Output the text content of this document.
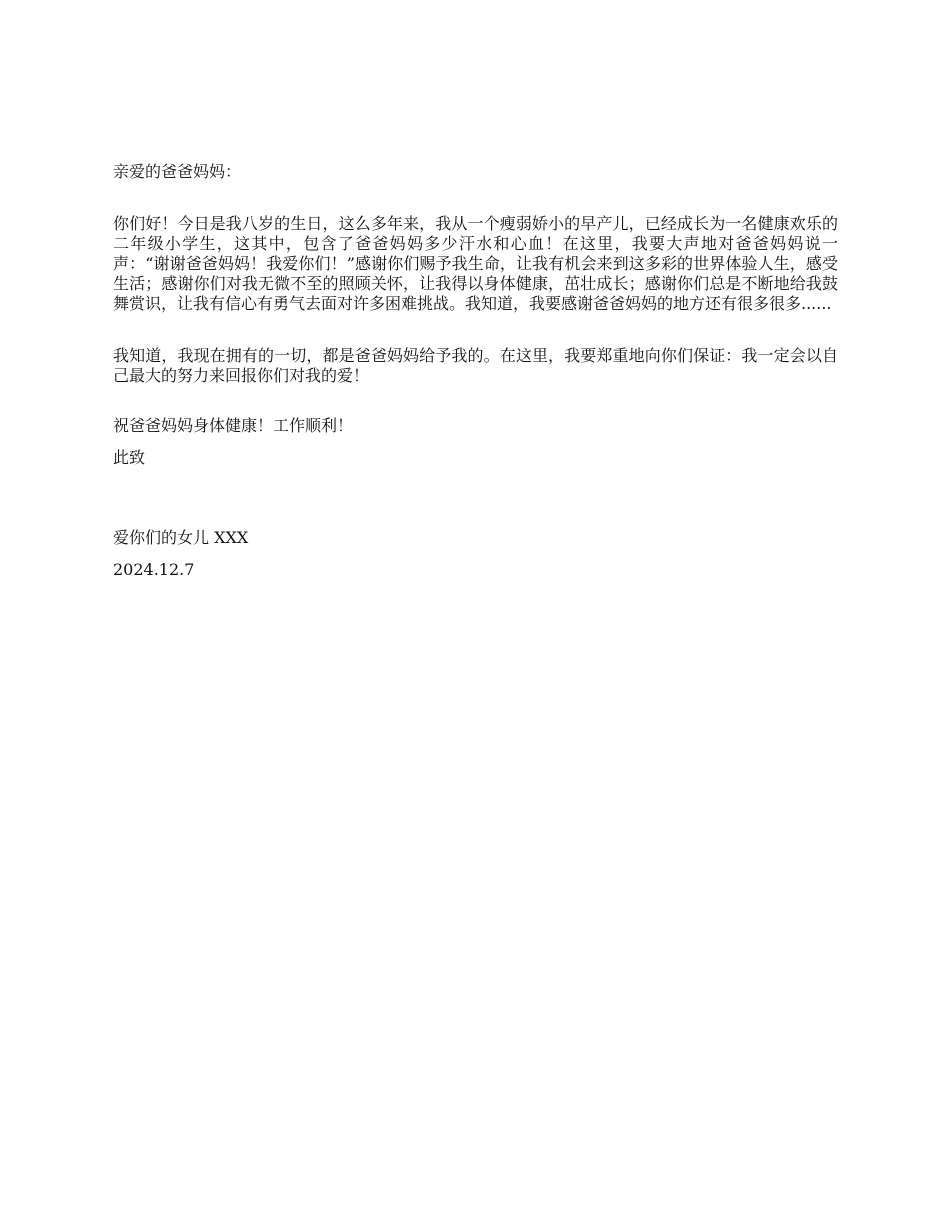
亲爱的爸爸妈妈：

你们好！今日是我八岁的生日，这么多年来，我从一个瘦弱娇小的早产儿，已经成长为一名健康欢乐的二年级小学生，这其中，包含了爸爸妈妈多少汗水和心血！在这里，我要大声地对爸爸妈妈说一声：“谢谢爸爸妈妈！我爱你们！”感谢你们赐予我生命，让我有机会来到这多彩的世界体验人生，感受生活；感谢你们对我无微不至的照顾关怀，让我得以身体健康，茁壮成长；感谢你们总是不断地给我鼓舞赏识，让我有信心有勇气去面对许多困难挑战。我知道，我要感谢爸爸妈妈的地方还有很多很多......

我知道，我现在拥有的一切，都是爸爸妈妈给予我的。在这里，我要郑重地向你们保证：我一定会以自己最大的努力来回报你们对我的爱！

祝爸爸妈妈身体健康！工作顺利！

此致

爱你们的女儿 XXX

2024.12.7
